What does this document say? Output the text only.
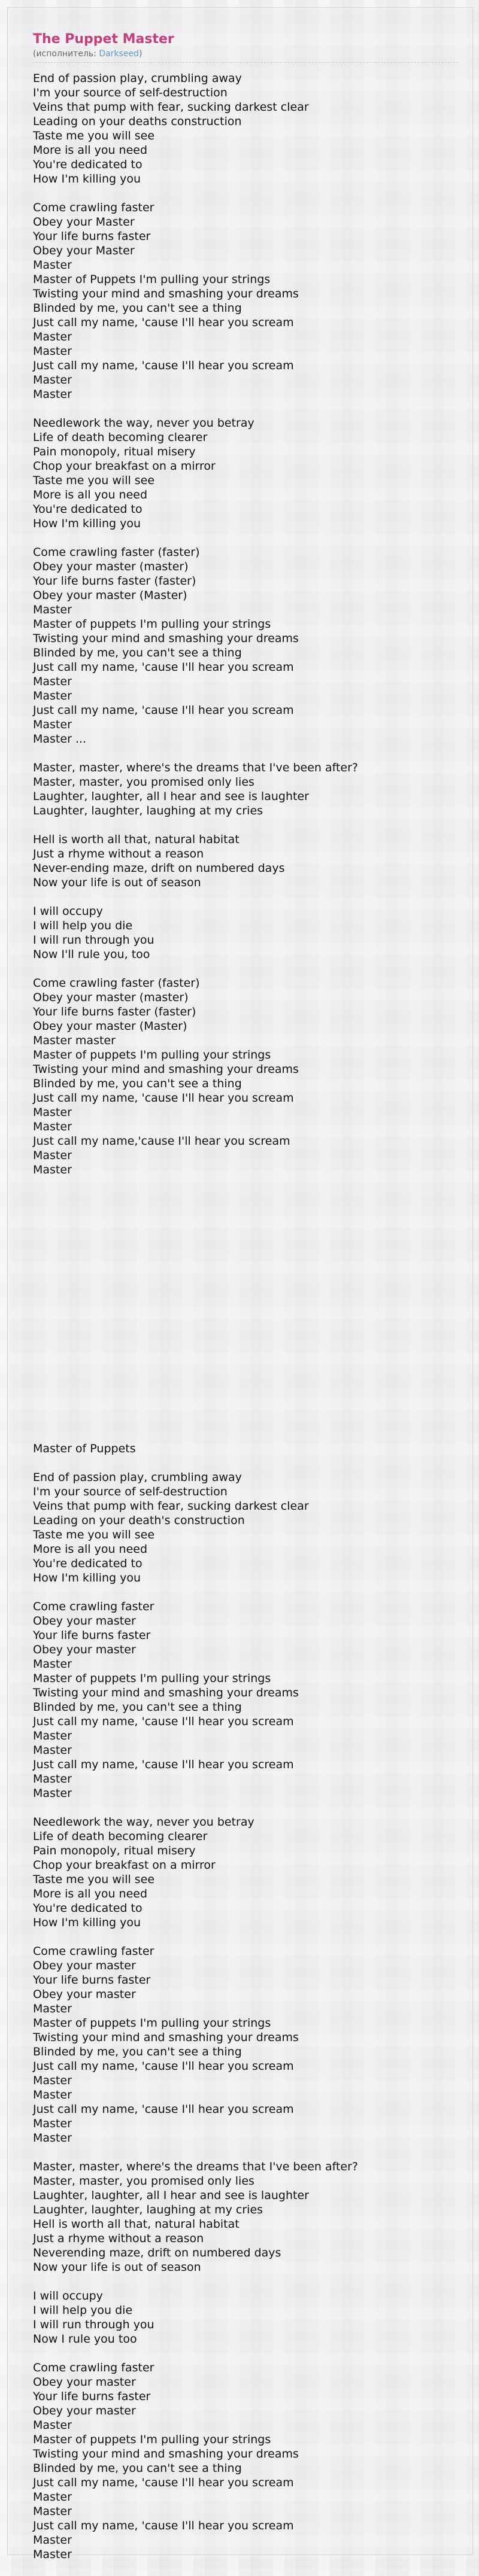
The Puppet Master
(исполнитель: Darkseed)
End of passion play, crumbling away
I'm your source of self-destruction
Veins that pump with fear, sucking darkest clear
Leading on your deaths construction
Taste me you will see
More is all you need
You're dedicated to
How I'm killing you
Come crawling faster
Obey your Master
Your life burns faster
Obey your Master
Master
Master of Puppets I'm pulling your strings
Twisting your mind and smashing your dreams
Blinded by me, you can't see a thing
Just call my name, 'cause I'll hear you scream
Master
Master
Just call my name, 'cause I'll hear you scream
Master
Master
Needlework the way, never you betray
Life of death becoming clearer
Pain monopoly, ritual misery
Chop your breakfast on a mirror
Taste me you will see
More is all you need
You're dedicated to
How I'm killing you
Come crawling faster (faster)
Obey your master (master)
Your life burns faster (faster)
Obey your master (Master)
Master
Master of puppets I'm pulling your strings
Twisting your mind and smashing your dreams
Blinded by me, you can't see a thing
Just call my name, 'cause I'll hear you scream
Master
Master
Just call my name, 'cause I'll hear you scream
Master
Master ...
Master, master, where's the dreams that I've been after?
Master, master, you promised only lies
Laughter, laughter, all I hear and see is laughter
Laughter, laughter, laughing at my cries
Hell is worth all that, natural habitat
Just a rhyme without a reason
Never-ending maze, drift on numbered days
Now your life is out of season
I will occupy
I will help you die
I will run through you
Now I'll rule you, too
Come crawling faster (faster)
Obey your master (master)
Your life burns faster (faster)
Obey your master (Master)
Master master
Master of puppets I'm pulling your strings
Twisting your mind and smashing your dreams
Blinded by me, you can't see a thing
Just call my name, 'cause I'll hear you scream
Master
Master
Just call my name,'cause I'll hear you scream
Master
Master
Master of Puppets
End of passion play, crumbling away
I'm your source of self-destruction
Veins that pump with fear, sucking darkest clear
Leading on your death's construction
Taste me you will see
More is all you need
You're dedicated to
How I'm killing you
Come crawling faster
Obey your master
Your life burns faster
Obey your master
Master
Master of puppets I'm pulling your strings
Twisting your mind and smashing your dreams
Blinded by me, you can't see a thing
Just call my name, 'cause I'll hear you scream
Master
Master
Just call my name, 'cause I'll hear you scream
Master
Master
Needlework the way, never you betray
Life of death becoming clearer
Pain monopoly, ritual misery
Chop your breakfast on a mirror
Taste me you will see
More is all you need
You're dedicated to
How I'm killing you
Come crawling faster
Obey your master
Your life burns faster
Obey your master
Master
Master of puppets I'm pulling your strings
Twisting your mind and smashing your dreams
Blinded by me, you can't see a thing
Just call my name, 'cause I'll hear you scream
Master
Master
Just call my name, 'cause I'll hear you scream
Master
Master
Master, master, where's the dreams that I've been after?
Master, master, you promised only lies
Laughter, laughter, all I hear and see is laughter
Laughter, laughter, laughing at my cries
Hell is worth all that, natural habitat
Just a rhyme without a reason
Neverending maze, drift on numbered days
Now your life is out of season
I will occupy
I will help you die
I will run through you
Now I rule you too
Come crawling faster
Obey your master
Your life burns faster
Obey your master
Master
Master of puppets I'm pulling your strings
Twisting your mind and smashing your dreams
Blinded by me, you can't see a thing
Just call my name, 'cause I'll hear you scream
Master
Master
Just call my name, 'cause I'll hear you scream
Master
Master
